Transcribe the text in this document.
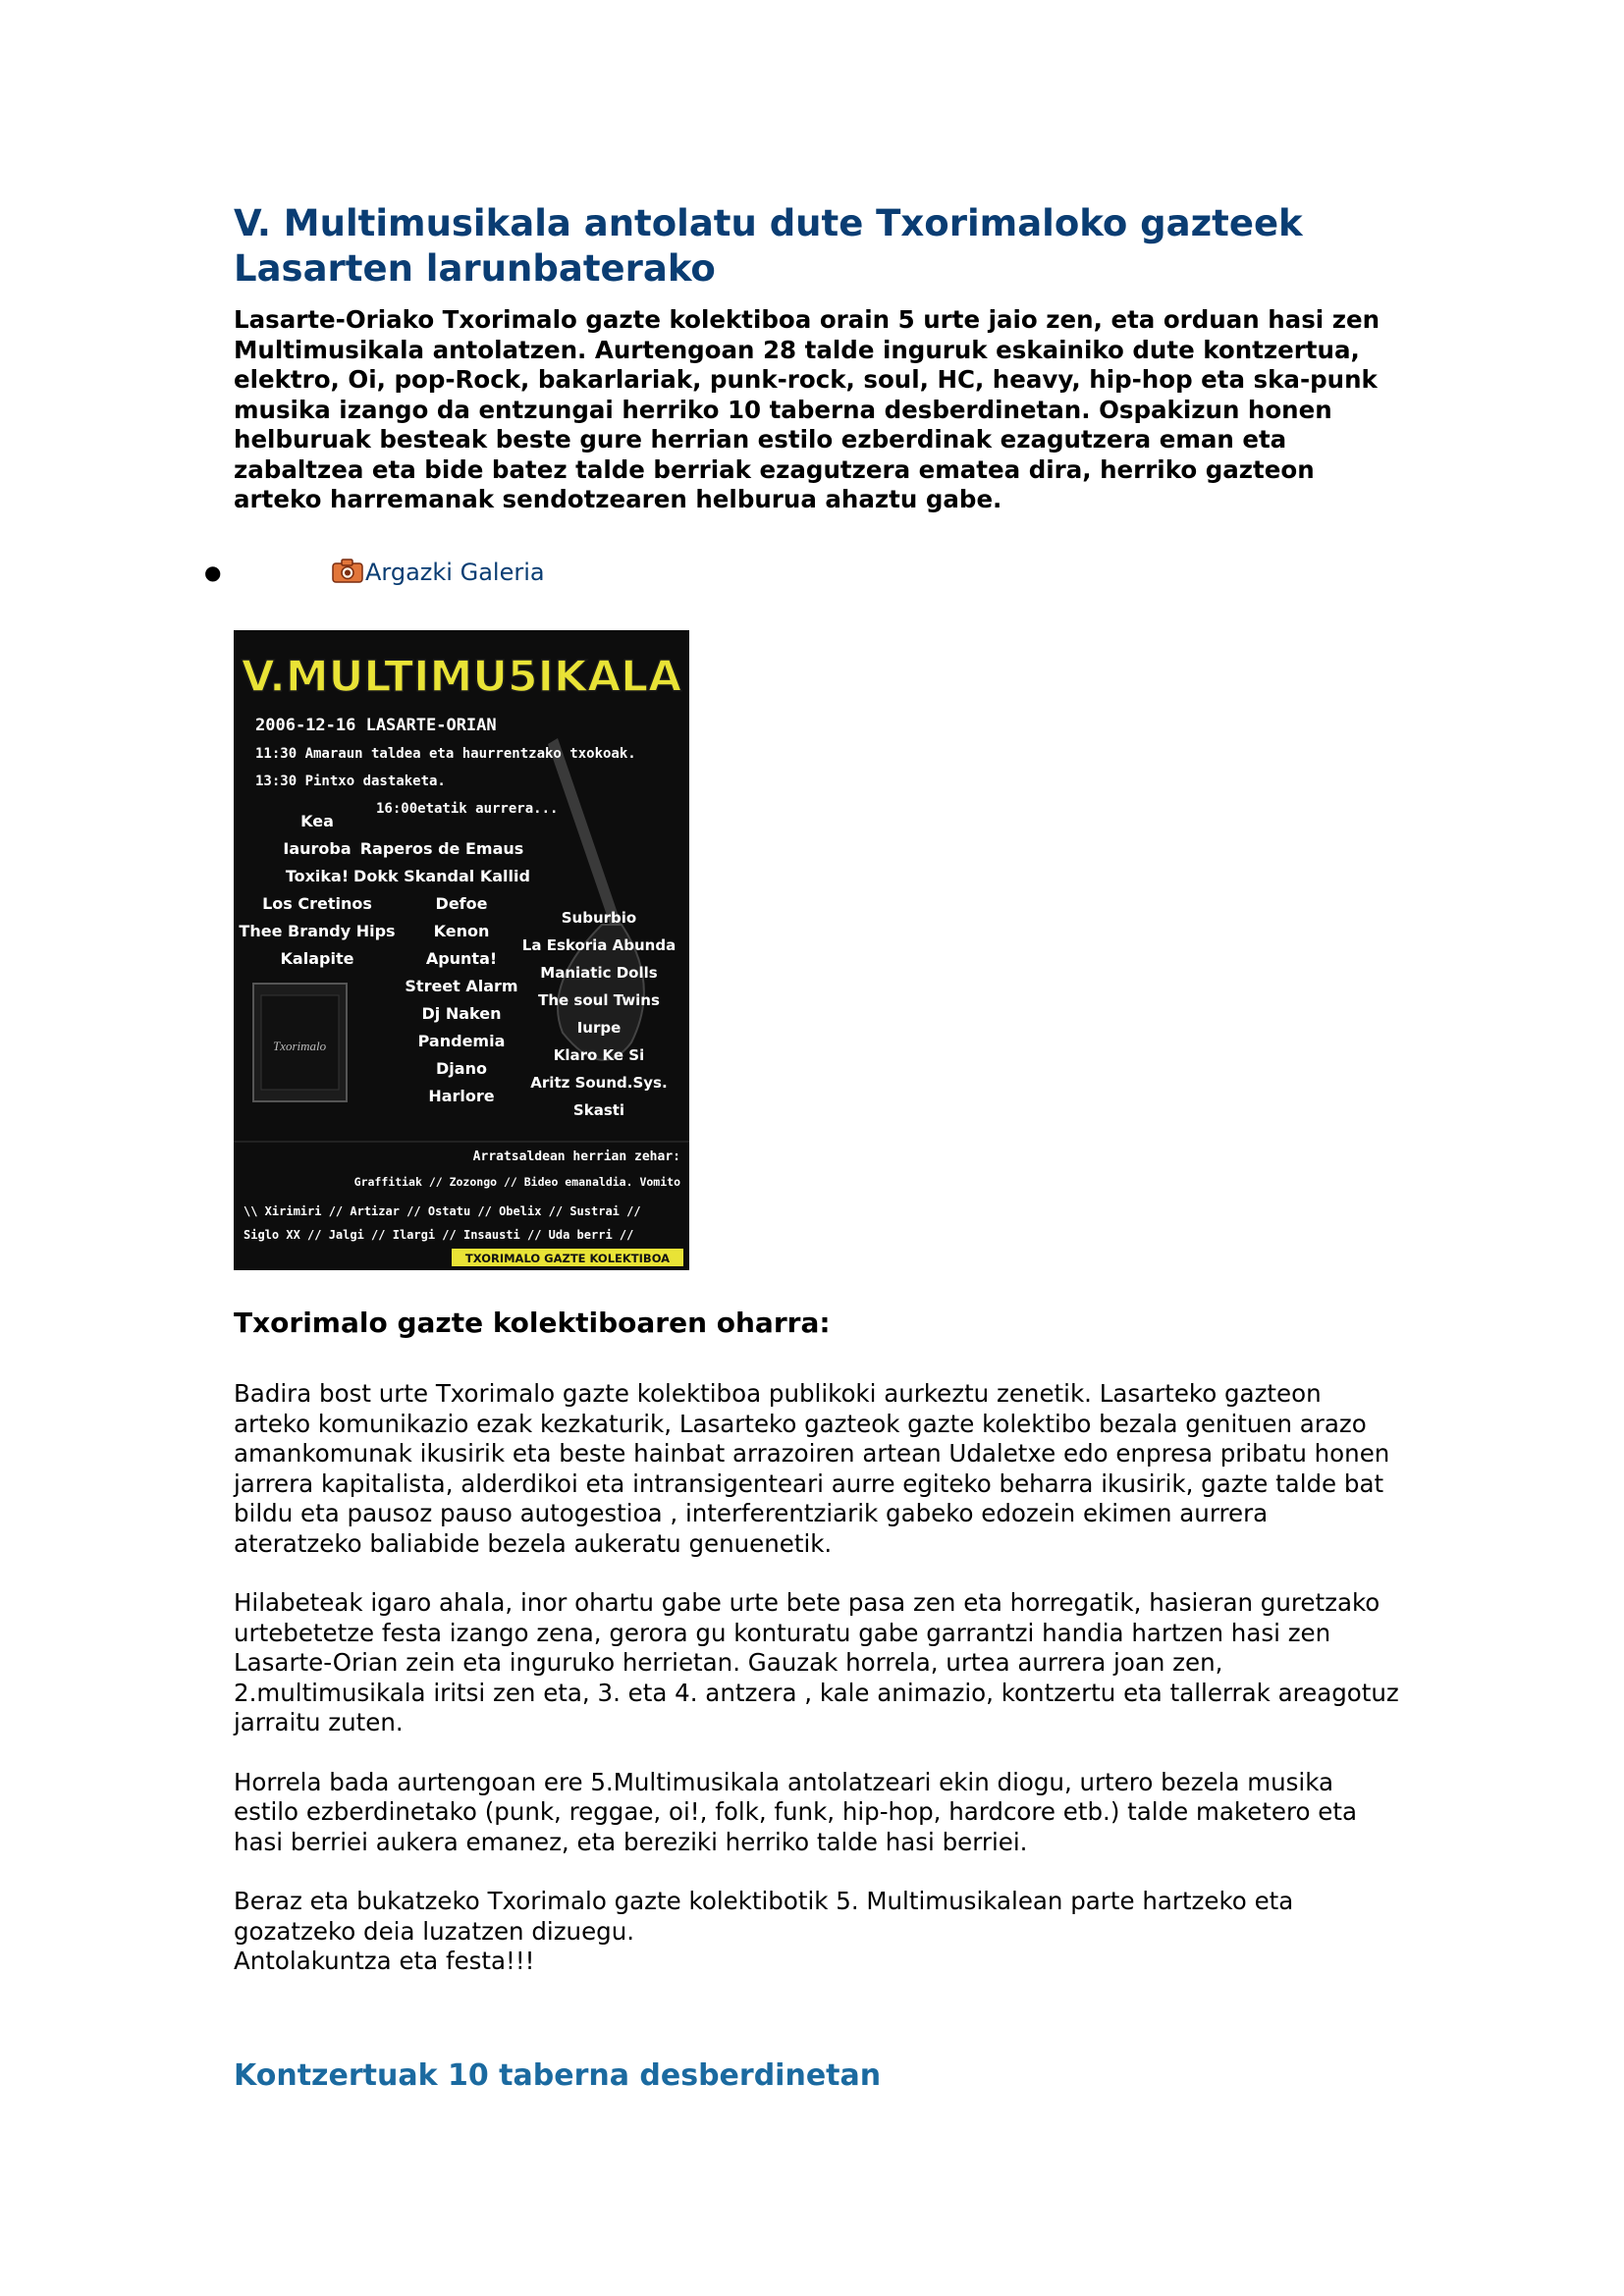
V. Multimusikala antolatu dute Txorimaloko gazteek Lasarten larunbaterako

Lasarte-Oriako Txorimalo gazte kolektiboa orain 5 urte jaio zen, eta orduan hasi zen Multimusikala antolatzen. Aurtengoan 28 talde inguruk eskainiko dute kontzertua, elektro, Oi, pop-Rock, bakarlariak, punk-rock, soul, HC, heavy, hip-hop eta ska-punk musika izango da entzungai herriko 10 taberna desberdinetan. Ospakizun honen helburuak besteak beste gure herrian estilo ezberdinak ezagutzera eman eta zabaltzea eta bide batez talde berriak ezagutzera ematea dira, herriko gazteon arteko harremanak sendotzearen helburua ahaztu gabe.

●	Argazki Galeria
Txorimalo
V.MULTIMU5IKALA
2006-12-16 LASARTE-ORIAN
11:30 Amaraun taldea eta haurrentzako txokoak.
13:30 Pintxo dastaketa.
16:00etatik aurrera...
Kea
Iauroba
Toxika!
Los Cretinos
Thee Brandy Hips
Kalapite
Raperos de Emaus
Dokk Skandal Kallid
Defoe
Kenon
Apunta!
Street Alarm
Dj Naken
Pandemia
Djano
Harlore
Suburbio
La Eskoria Abunda
Maniatic Dolls
The soul Twins
Iurpe
Klaro Ke Si
Aritz Sound.Sys.
Skasti
Arratsaldean herrian zehar:
Graffitiak // Zozongo // Bideo emanaldia. Vomito
\\ Xirimiri // Artizar // Ostatu // Obelix // Sustrai //
Siglo XX // Jalgi // Ilargi // Insausti // Uda berri //
TXORIMALO GAZTE KOLEKTIBOA
Txorimalo gazte kolektiboaren oharra:

Badira bost urte Txorimalo gazte kolektiboa publikoki aurkeztu zenetik. Lasarteko gazteon arteko komunikazio ezak kezkaturik, Lasarteko gazteok gazte kolektibo bezala genituen arazo amankomunak ikusirik eta beste hainbat arrazoiren artean Udaletxe edo enpresa pribatu honen jarrera kapitalista, alderdikoi eta intransigenteari aurre egiteko beharra ikusirik, gazte talde bat bildu eta pausoz pauso autogestioa , interferentziarik gabeko edozein ekimen aurrera ateratzeko baliabide bezela aukeratu genuenetik.

Hilabeteak igaro ahala, inor ohartu gabe urte bete pasa zen eta horregatik, hasieran guretzako urtebetetze festa izango zena, gerora gu konturatu gabe garrantzi handia hartzen hasi zen Lasarte-Orian zein eta inguruko herrietan. Gauzak horrela, urtea aurrera joan zen, 2.multimusikala iritsi zen eta, 3. eta 4. antzera , kale animazio, kontzertu eta tallerrak areagotuz jarraitu zuten.

Horrela bada aurtengoan ere 5.Multimusikala antolatzeari ekin diogu, urtero bezela musika estilo ezberdinetako (punk, reggae, oi!, folk, funk, hip-hop, hardcore etb.) talde maketero eta hasi berriei aukera emanez, eta bereziki herriko talde hasi berriei.

Beraz eta bukatzeko Txorimalo gazte kolektibotik 5. Multimusikalean parte hartzeko eta gozatzeko deia luzatzen dizuegu.
Antolakuntza eta festa!!!

Kontzertuak 10 taberna desberdinetan
